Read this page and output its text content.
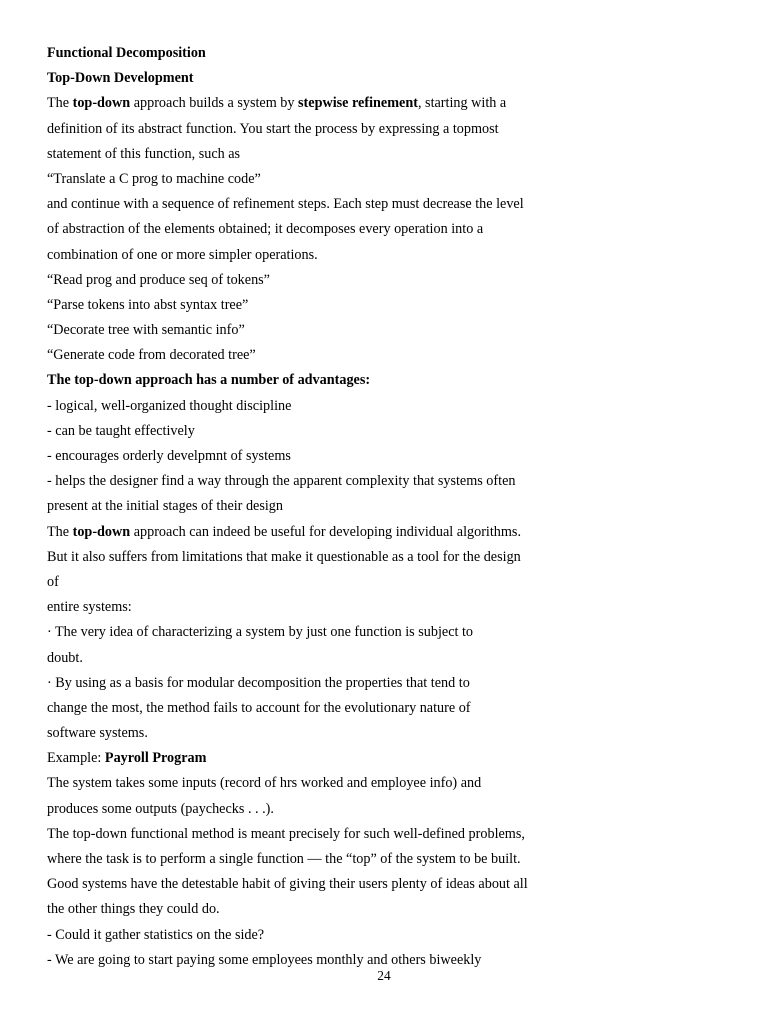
Functional Decomposition
Top-Down Development
The top-down approach builds a system by stepwise refinement, starting with a
definition of its abstract function. You start the process by expressing a topmost
statement of this function, such as
“Translate a C prog to machine code”
and continue with a sequence of refinement steps. Each step must decrease the level
of abstraction of the elements obtained; it decomposes every operation into a
combination of one or more simpler operations.
“Read prog and produce seq of tokens”
“Parse tokens into abst syntax tree”
“Decorate tree with semantic info”
“Generate code from decorated tree”
The top-down approach has a number of advantages:
- logical, well-organized thought discipline
- can be taught effectively
- encourages orderly develpmnt of systems
- helps the designer find a way through the apparent complexity that systems often
present at the initial stages of their design
The top-down approach can indeed be useful for developing individual algorithms.
But it also suffers from limitations that make it questionable as a tool for the design
of
entire systems:
· The very idea of characterizing a system by just one function is subject to
doubt.
· By using as a basis for modular decomposition the properties that tend to
change the most, the method fails to account for the evolutionary nature of
software systems.
Example: Payroll Program
The system takes some inputs (record of hrs worked and employee info) and
produces some outputs (paychecks . . .).
The top-down functional method is meant precisely for such well-defined problems,
where the task is to perform a single function — the “top” of the system to be built.
Good systems have the detestable habit of giving their users plenty of ideas about all
the other things they could do.
- Could it gather statistics on the side?
- We are going to start paying some employees monthly and others biweekly
24
